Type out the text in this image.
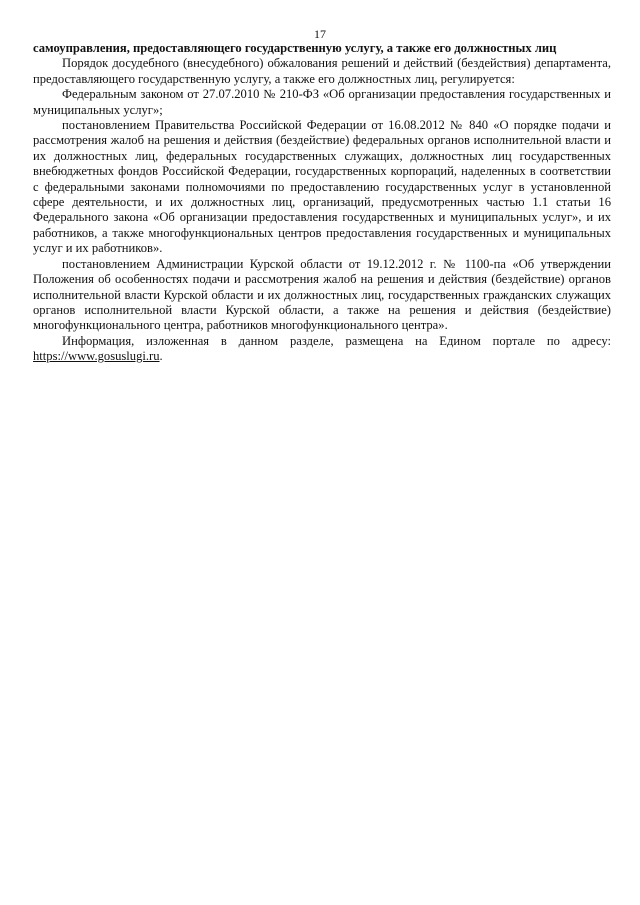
17

самоуправления, предоставляющего государственную услугу, а также его должностных лиц

Порядок досудебного (внесудебного) обжалования решений и действий (бездействия) департамента, предоставляющего государственную услугу, а также его должностных лиц, регулируется:

Федеральным законом от 27.07.2010 № 210-ФЗ «Об организации предоставления государственных и муниципальных услуг»;

постановлением Правительства Российской Федерации от 16.08.2012 № 840 «О порядке подачи и рассмотрения жалоб на решения и действия (бездействие) федеральных органов исполнительной власти и их должностных лиц, федеральных государственных служащих, должностных лиц государственных внебюджетных фондов Российской Федерации, государственных корпораций, наделенных в соответствии с федеральными законами полномочиями по предоставлению государственных услуг в установленной сфере деятельности, и их должностных лиц, организаций, предусмотренных частью 1.1 статьи 16 Федерального закона «Об организации предоставления государственных и муниципальных услуг», и их работников, а также многофункциональных центров предоставления государственных и муниципальных услуг и их работников».

постановлением Администрации Курской области от 19.12.2012 г. № 1100-па «Об утверждении Положения об особенностях подачи и рассмотрения жалоб на решения и действия (бездействие) органов исполнительной власти Курской области и их должностных лиц, государственных гражданских служащих органов исполнительной власти Курской области, а также на решения и действия (бездействие) многофункционального центра, работников многофункционального центра».

Информация, изложенная в данном разделе, размещена на Едином портале по адресу: https://www.gosuslugi.ru.
